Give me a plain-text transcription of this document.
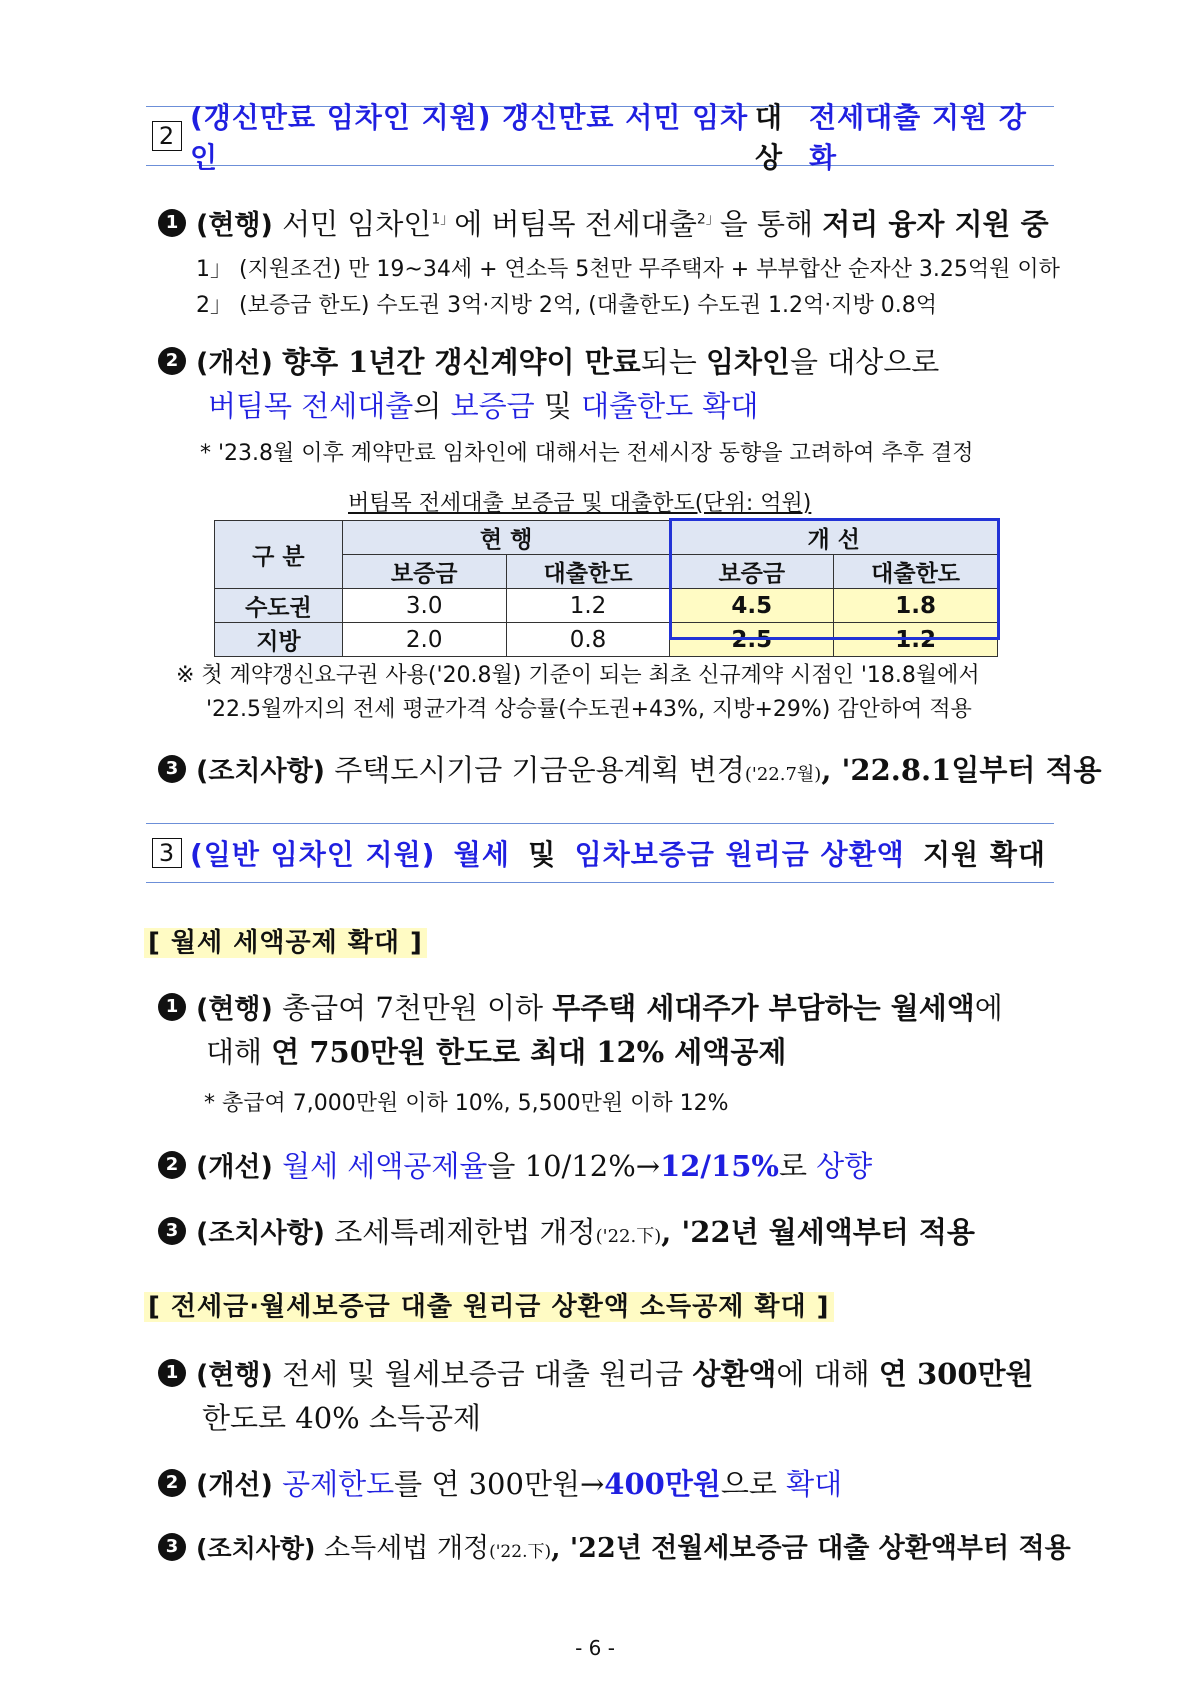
2
(갱신만료 임차인 지원) 갱신만료 서민 임차인
대상
전세대출 지원 강화
1 (현행) 서민 임차인$^{1」}$에 버팀목 전세대출$^{2」}$을 통해 저리 융자 지원 중
1」 (지원조건) 만 19~34세 + 연소득 5천만 무주택자 + 부부합산 순자산 3.25억원 이하
2」 (보증금 한도) 수도권 3억·지방 2억, (대출한도) 수도권 1.2억·지방 0.8억
2 (개선) 향후 1년간 갱신계약이 만료되는 임차인을 대상으로
버팀목 전세대출의 보증금 및 대출한도 확대
* '23.8월 이후 계약만료 임차인에 대해서는 전세시장 동향을 고려하여 추후 결정
버팀목 전세대출 보증금 및 대출한도(단위: 억원)
구 분	현 행		개 선	
	보증금	대출한도	보증금	대출한도
수도권	3.0	1.2	4.5	1.8
지방	2.0	0.8	2.5	1.2
※ 첫 계약갱신요구권 사용('20.8월) 기준이 되는 최초 신규계약 시점인 '18.8월에서
'22.5월까지의 전세 평균가격 상승률(수도권+43%, 지방+29%) 감안하여 적용
3 (조치사항) 주택도시기금 기금운용계획 변경('22.7월), '22.8.1일부터 적용
3 (일반 임차인 지원) 월세 및 임차보증금 원리금 상환액 지원 확대
[ 월세 세액공제 확대 ]
1 (현행) 총급여 7천만원 이하 무주택 세대주가 부담하는 월세액에
대해 연 750만원 한도로 최대 12% 세액공제
* 총급여 7,000만원 이하 10%, 5,500만원 이하 12%
2 (개선) 월세 세액공제율을 10/12%→12/15%로 상향
3 (조치사항) 조세특례제한법 개정('22.下), '22년 월세액부터 적용
[ 전세금·월세보증금 대출 원리금 상환액 소득공제 확대 ]
1 (현행) 전세 및 월세보증금 대출 원리금 상환액에 대해 연 300만원
한도로 40% 소득공제
2 (개선) 공제한도를 연 300만원→400만원으로 확대
3 (조치사항) 소득세법 개정('22.下), '22년 전월세보증금 대출 상환액부터 적용
- 6 -
